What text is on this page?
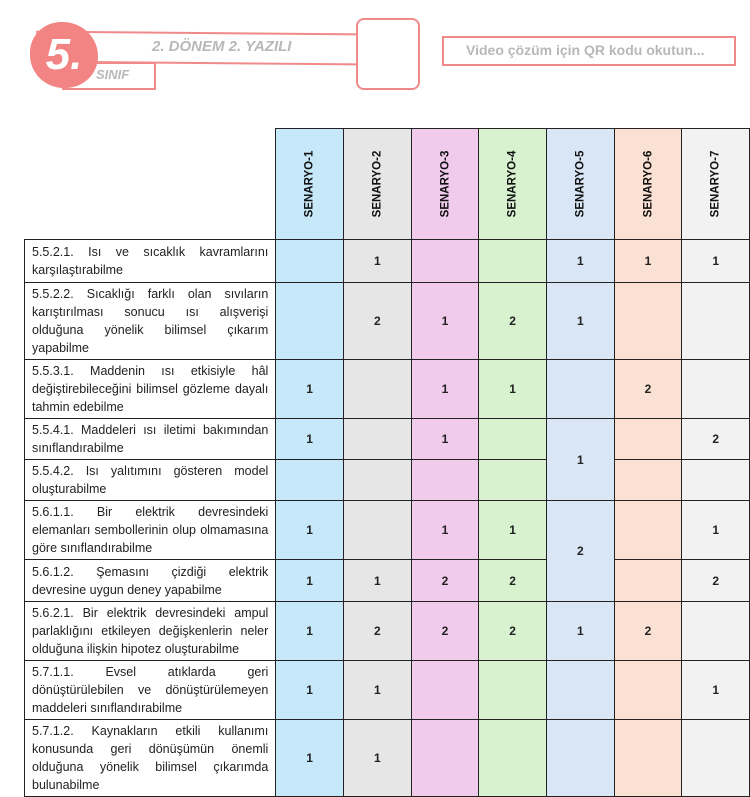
SINIF
5.	2. DÖNEM 2. YAZILI	Video çözüm için QR kodu okutun...
	SENARYO-1	SENARYO-2	SENARYO-3	SENARYO-4	SENARYO-5	SENARYO-6	SENARYO-7
5.5.2.1. Isı ve sıcaklık kavramlarını karşılaştırabilme		1			1	1	1
5.5.2.2. Sıcaklığı farklı olan sıvıların karıştırılması sonucu ısı alışverişi olduğuna yönelik bilimsel çıkarım yapabilme		2	1	2	1		
5.5.3.1. Maddenin ısı etkisiyle hâl değiştirebileceğini bilimsel gözleme dayalı tahmin edebilme	1		1	1		2	
5.5.4.1. Maddeleri ısı iletimi bakımından sınıflandırabilme	1		1		1		2
5.5.4.2. Isı yalıtımını gösteren model oluşturabilme							
5.6.1.1. Bir elektrik devresindeki elemanları sembollerinin olup olmamasına göre sınıflandırabilme	1		1	1	2		1
5.6.1.2. Şemasını çizdiği elektrik devresine uygun deney yapabilme	1	1	2	2			2
5.6.2.1. Bir elektrik devresindeki ampul parlaklığını etkileyen değişkenlerin neler olduğuna ilişkin hipotez oluşturabilme	1	2	2	2	1	2	
5.7.1.1. Evsel atıklarda geri dönüştürülebilen ve dönüştürülemeyen maddeleri sınıflandırabilme	1	1					1
5.7.1.2. Kaynakların etkili kullanımı konusunda geri dönüşümün önemli olduğuna yönelik bilimsel çıkarımda bulunabilme	1	1					
